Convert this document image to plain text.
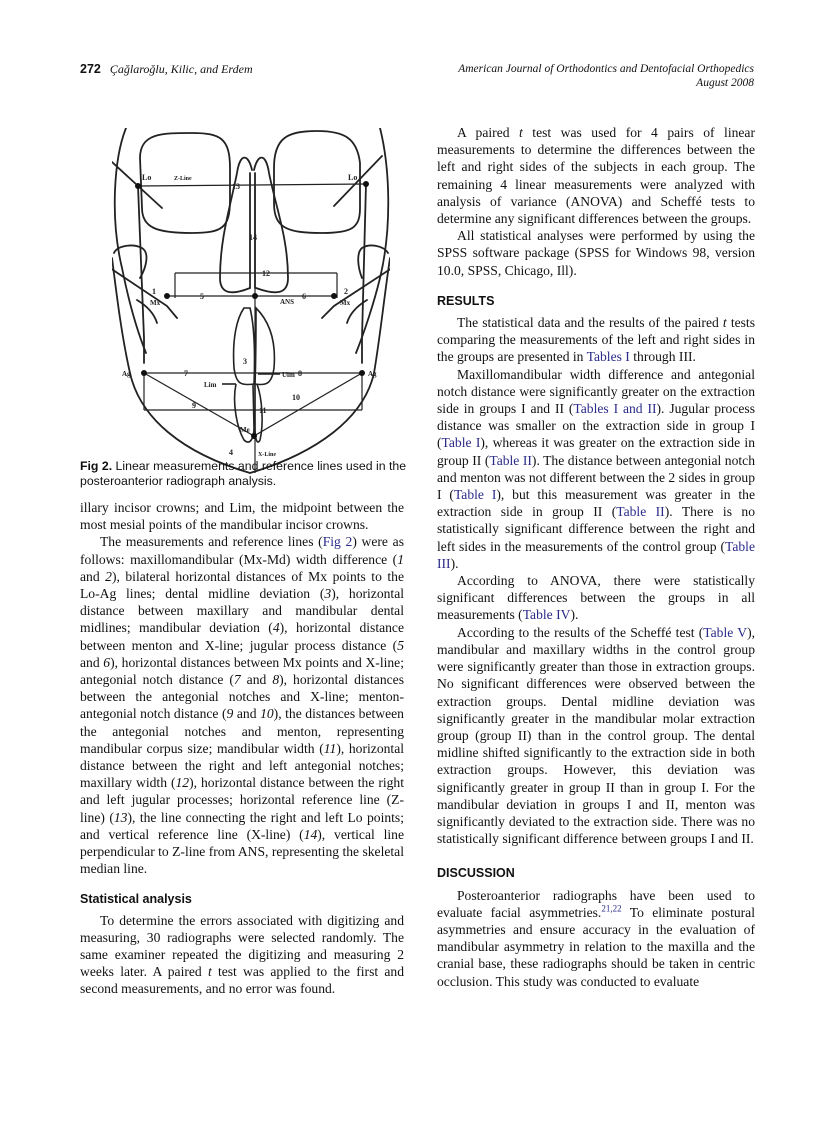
272 Çağlaroğlu, Kilic, and Erdem	American Journal of Orthodontics and Dentofacial Orthopedics
August 2008
Lo	Z-Line	Lo
13
14
12
1
Mx
5	6
2
Mx
ANS
3
Lim
Uim
Ag	Ag
7	8
9
10
11
Me
4	X-Line
Fig 2. Linear measurements and reference lines used in the posteroanterior radiograph analysis.

illary incisor crowns; and Lim, the midpoint between the most mesial points of the mandibular incisor crowns.

The measurements and reference lines (Fig 2) were as follows: maxillomandibular (Mx-Md) width difference (1 and 2), bilateral horizontal distances of Mx points to the Lo-Ag lines; dental midline deviation (3), horizontal distance between maxillary and mandibular dental midlines; mandibular deviation (4), horizontal distance between menton and X-line; jugular process distance (5 and 6), horizontal distances between Mx points and X-line; antegonial notch distance (7 and 8), horizontal distances between the antegonial notches and X-line; menton-antegonial notch distance (9 and 10), the distances between the antegonial notches and menton, representing mandibular corpus size; mandibular width (11), horizontal distance between the right and left antegonial notches; maxillary width (12), horizontal distance between the right and left jugular processes; horizontal reference line (Z-line) (13), the line connecting the right and left Lo points; and vertical reference line (X-line) (14), vertical line perpendicular to Z-line from ANS, representing the skeletal median line.

Statistical analysis

To determine the errors associated with digitizing and measuring, 30 radiographs were selected randomly. The same examiner repeated the digitizing and measuring 2 weeks later. A paired t test was applied to the first and second measurements, and no error was found.

A paired t test was used for 4 pairs of linear measurements to determine the differences between the left and right sides of the subjects in each group. The remaining 4 linear measurements were analyzed with analysis of variance (ANOVA) and Scheffé tests to determine any significant differences between the groups.

All statistical analyses were performed by using the SPSS software package (SPSS for Windows 98, version 10.0, SPSS, Chicago, Ill).

RESULTS

The statistical data and the results of the paired t tests comparing the measurements of the left and right sides in the groups are presented in Tables I through III.

Maxillomandibular width difference and antegonial notch distance were significantly greater on the extraction side in groups I and II (Tables I and II). Jugular process distance was smaller on the extraction side in group I (Table I), whereas it was greater on the extraction side in group II (Table II). The distance between antegonial notch and menton was not different between the 2 sides in group I (Table I), but this measurement was greater in the extraction side in group II (Table II). There is no statistically significant difference between the right and left sides in the measurements of the control group (Table III).

According to ANOVA, there were statistically significant differences between the groups in all measurements (Table IV).

According to the results of the Scheffé test (Table V), mandibular and maxillary widths in the control group were significantly greater than those in extraction groups. No significant differences were observed between the extraction groups. Dental midline deviation was significantly greater in the mandibular molar extraction group (group II) than in the control group. The dental midline shifted significantly to the extraction side in both extraction groups. However, this deviation was significantly greater in group II than in group I. For the mandibular deviation in groups I and II, menton was significantly deviated to the extraction side. There was no statistically significant difference between groups I and II.

DISCUSSION

Posteroanterior radiographs have been used to evaluate facial asymmetries.$^{21,22}$ To eliminate postural asymmetries and ensure accuracy in the evaluation of mandibular asymmetry in relation to the maxilla and the cranial base, these radiographs should be taken in centric occlusion. This study was conducted to evaluate
